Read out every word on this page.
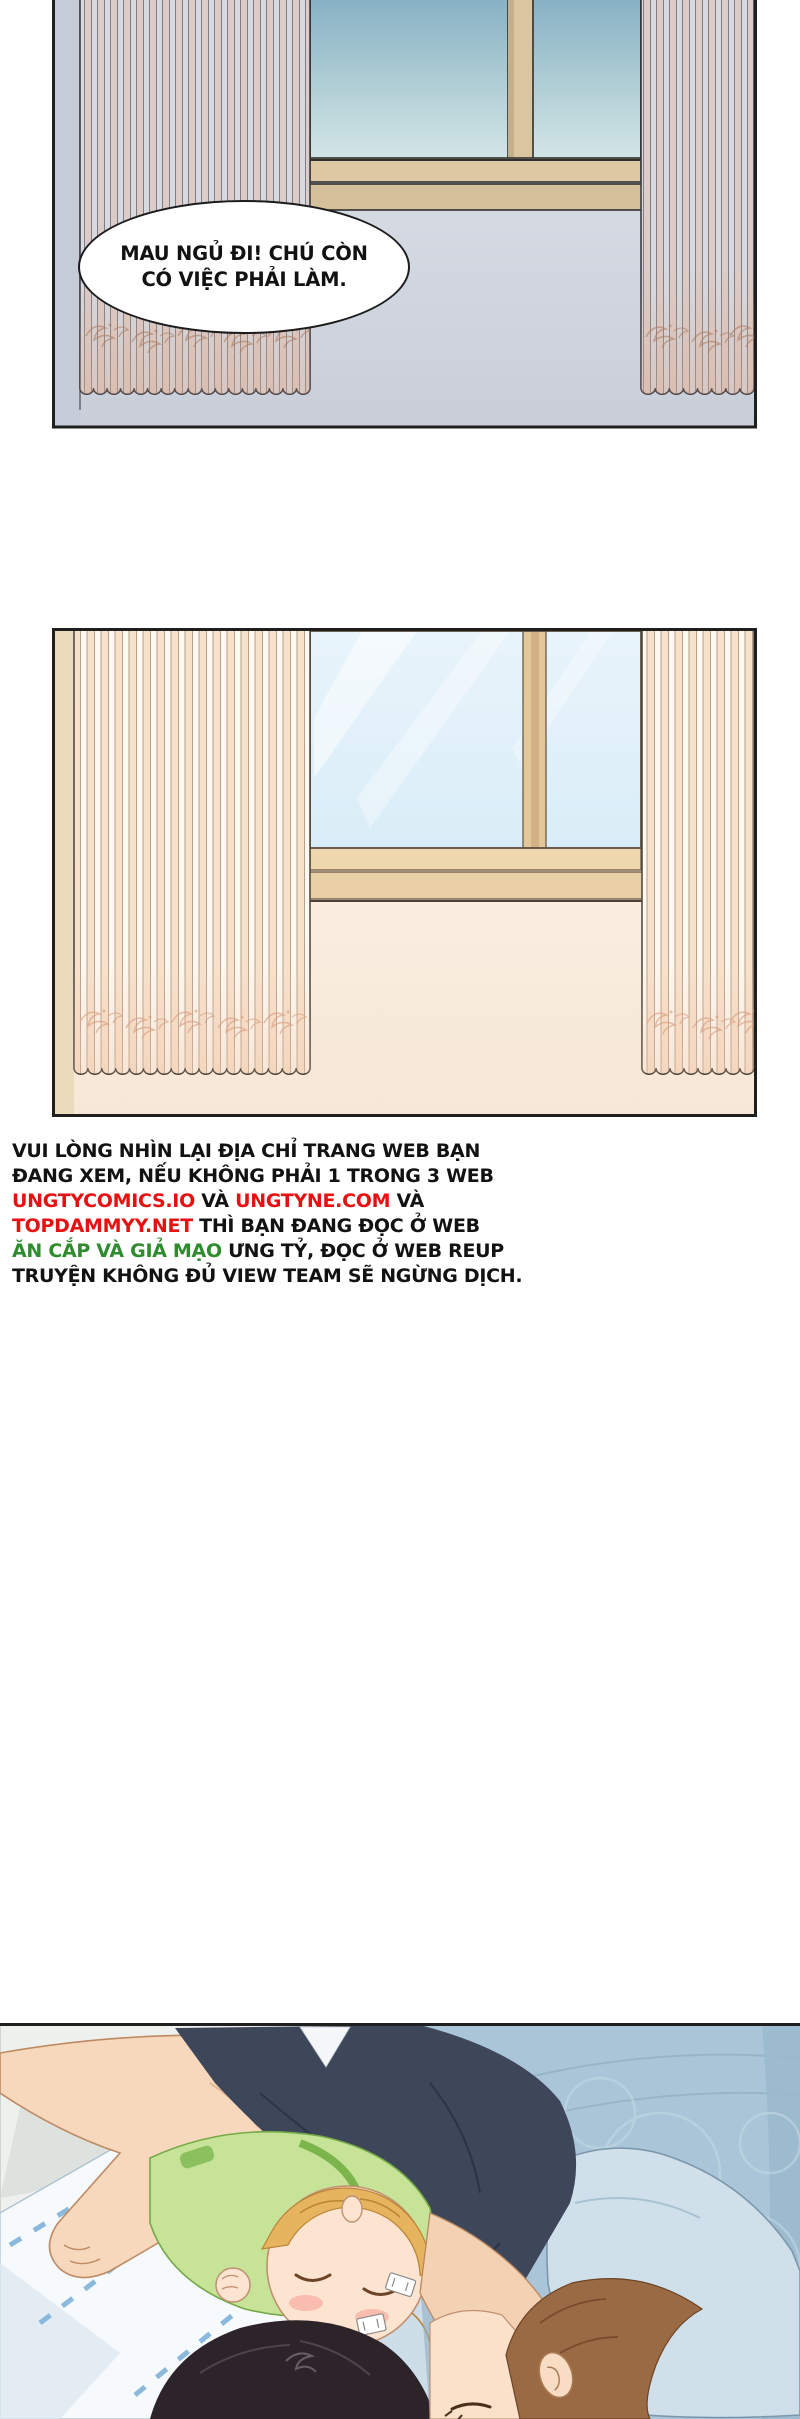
MAU NGỦ ĐI! CHÚ CÒN
CÓ VIỆC PHẢI LÀM.
VUI LÒNG NHÌN LẠI ĐỊA CHỈ TRANG WEB BẠN
ĐANG XEM, NẾU KHÔNG PHẢI 1 TRONG 3 WEB
UNGTYCOMICS.IO VÀ UNGTYNE.COM VÀ
TOPDAMMYY.NET THÌ BẠN ĐANG ĐỌC Ở WEB
ĂN CẮP VÀ GIẢ MẠO ƯNG TỶ, ĐỌC Ở WEB REUP
TRUYỆN KHÔNG ĐỦ VIEW TEAM SẼ NGỪNG DỊCH.
